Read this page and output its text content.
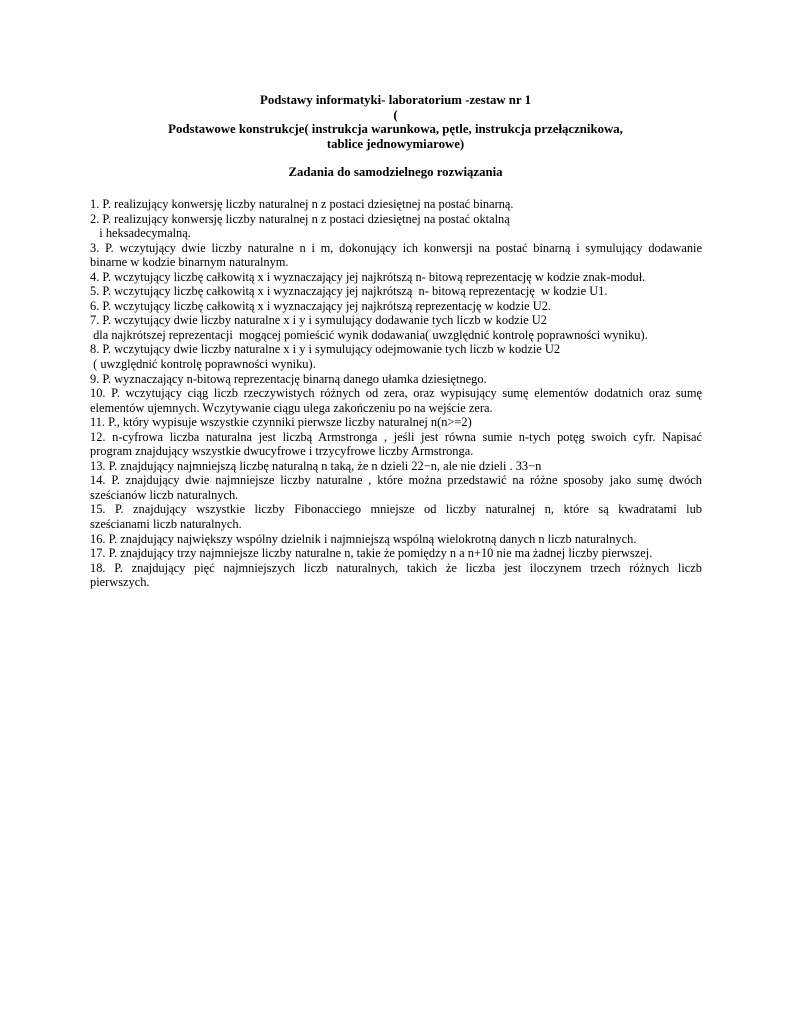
Podstawy informatyki- laboratorium -zestaw nr 1
(
Podstawowe konstrukcje( instrukcja warunkowa, pętle, instrukcja przełącznikowa,
tablice jednowymiarowe)
Zadania do samodzielnego rozwiązania
1. P. realizujący konwersję liczby naturalnej n z postaci dziesiętnej na postać binarną.
2. P. realizujący konwersję liczby naturalnej n z postaci dziesiętnej na postać oktalną
i heksadecymalną.
3. P. wczytujący dwie liczby naturalne n i m, dokonujący ich konwersji na postać binarną i symulujący dodawanie
binarne w kodzie binarnym naturalnym.
4. P. wczytujący liczbę całkowitą x i wyznaczający jej najkrótszą n- bitową reprezentację w kodzie znak-moduł.
5. P. wczytujący liczbę całkowitą x i wyznaczający jej najkrótszą  n- bitową reprezentację  w kodzie U1.
6. P. wczytujący liczbę całkowitą x i wyznaczający jej najkrótszą reprezentację w kodzie U2.
7. P. wczytujący dwie liczby naturalne x i y i symulujący dodawanie tych liczb w kodzie U2
dla najkrótszej reprezentacji  mogącej pomieścić wynik dodawania( uwzględnić kontrolę poprawności wyniku).
8. P. wczytujący dwie liczby naturalne x i y i symulujący odejmowanie tych liczb w kodzie U2
( uwzględnić kontrolę poprawności wyniku).
9. P. wyznaczający n-bitową reprezentację binarną danego ułamka dziesiętnego.
10. P. wczytujący ciąg liczb rzeczywistych różnych od zera, oraz wypisujący sumę elementów dodatnich oraz sumę
elementów ujemnych. Wczytywanie ciągu ulega zakończeniu po na wejście zera.
11. P., który wypisuje wszystkie czynniki pierwsze liczby naturalnej n(n>=2)
12. n-cyfrowa liczba naturalna jest liczbą Armstronga , jeśli jest równa sumie n-tych potęg swoich cyfr. Napisać
program znajdujący wszystkie dwucyfrowe i trzycyfrowe liczby Armstronga.
13. P. znajdujący najmniejszą liczbę naturalną n taką, że n dzieli 22−n, ale nie dzieli . 33−n
14. P. znajdujący dwie najmniejsze liczby naturalne , które można przedstawić na różne sposoby jako sumę dwóch
sześcianów liczb naturalnych.
15. P. znajdujący wszystkie liczby Fibonacciego mniejsze od liczby naturalnej n, które są kwadratami lub
sześcianami liczb naturalnych.
16. P. znajdujący największy wspólny dzielnik i najmniejszą wspólną wielokrotną danych n liczb naturalnych.
17. P. znajdujący trzy najmniejsze liczby naturalne n, takie że pomiędzy n a n+10 nie ma żadnej liczby pierwszej.
18. P. znajdujący pięć najmniejszych liczb naturalnych, takich że liczba jest iloczynem trzech różnych liczb
pierwszych.
